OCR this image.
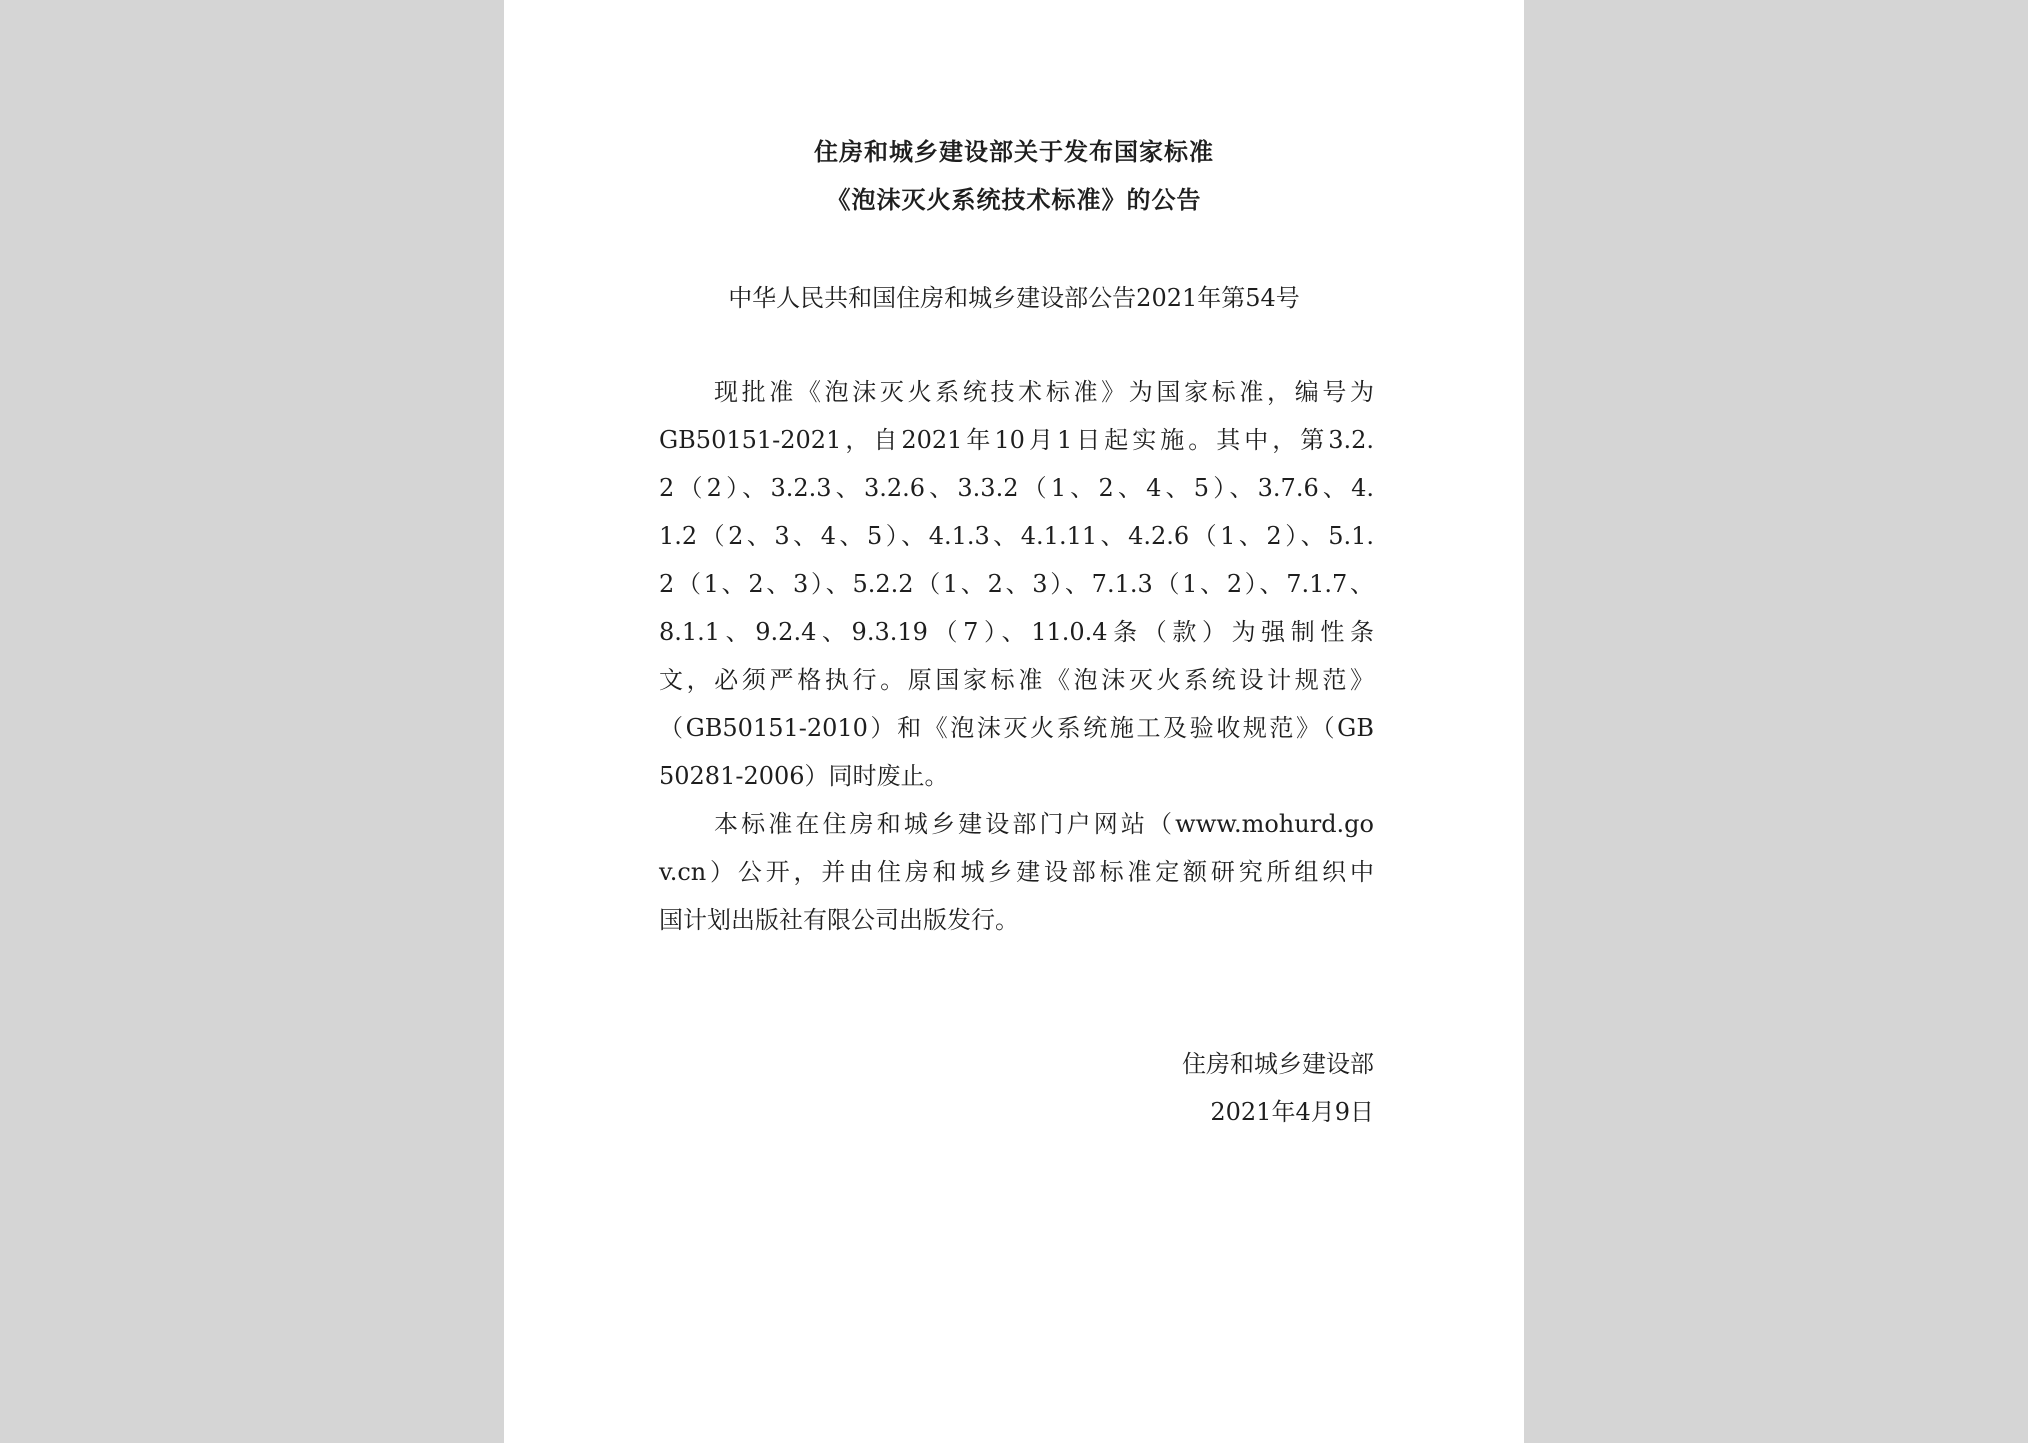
住房和城乡建设部关于发布国家标准
《泡沫灭火系统技术标准》的公告
中华人民共和国住房和城乡建设部公告2021年第54号
现批准《泡沫灭火系统技术标准》为国家标准，编号为
GB50151-2021，自2021年10月1日起实施。其中，第3.2.
2（2）、3.2.3、3.2.6、3.3.2（1、2、4、5）、3.7.6、4.
1.2（2、3、4、5）、4.1.3、4.1.11、4.2.6（1、2）、5.1.
2（1、2、3）、5.2.2（1、2、3）、7.1.3（1、2）、7.1.7、
8.1.1、9.2.4、9.3.19（7）、11.0.4条（款）为强制性条
文，必须严格执行。原国家标准《泡沫灭火系统设计规范》
（GB50151-2010）和《泡沫灭火系统施工及验收规范》（GB
50281-2006）同时废止。
本标准在住房和城乡建设部门户网站（www.mohurd.go
v.cn）公开，并由住房和城乡建设部标准定额研究所组织中
国计划出版社有限公司出版发行。
住房和城乡建设部
2021年4月9日
